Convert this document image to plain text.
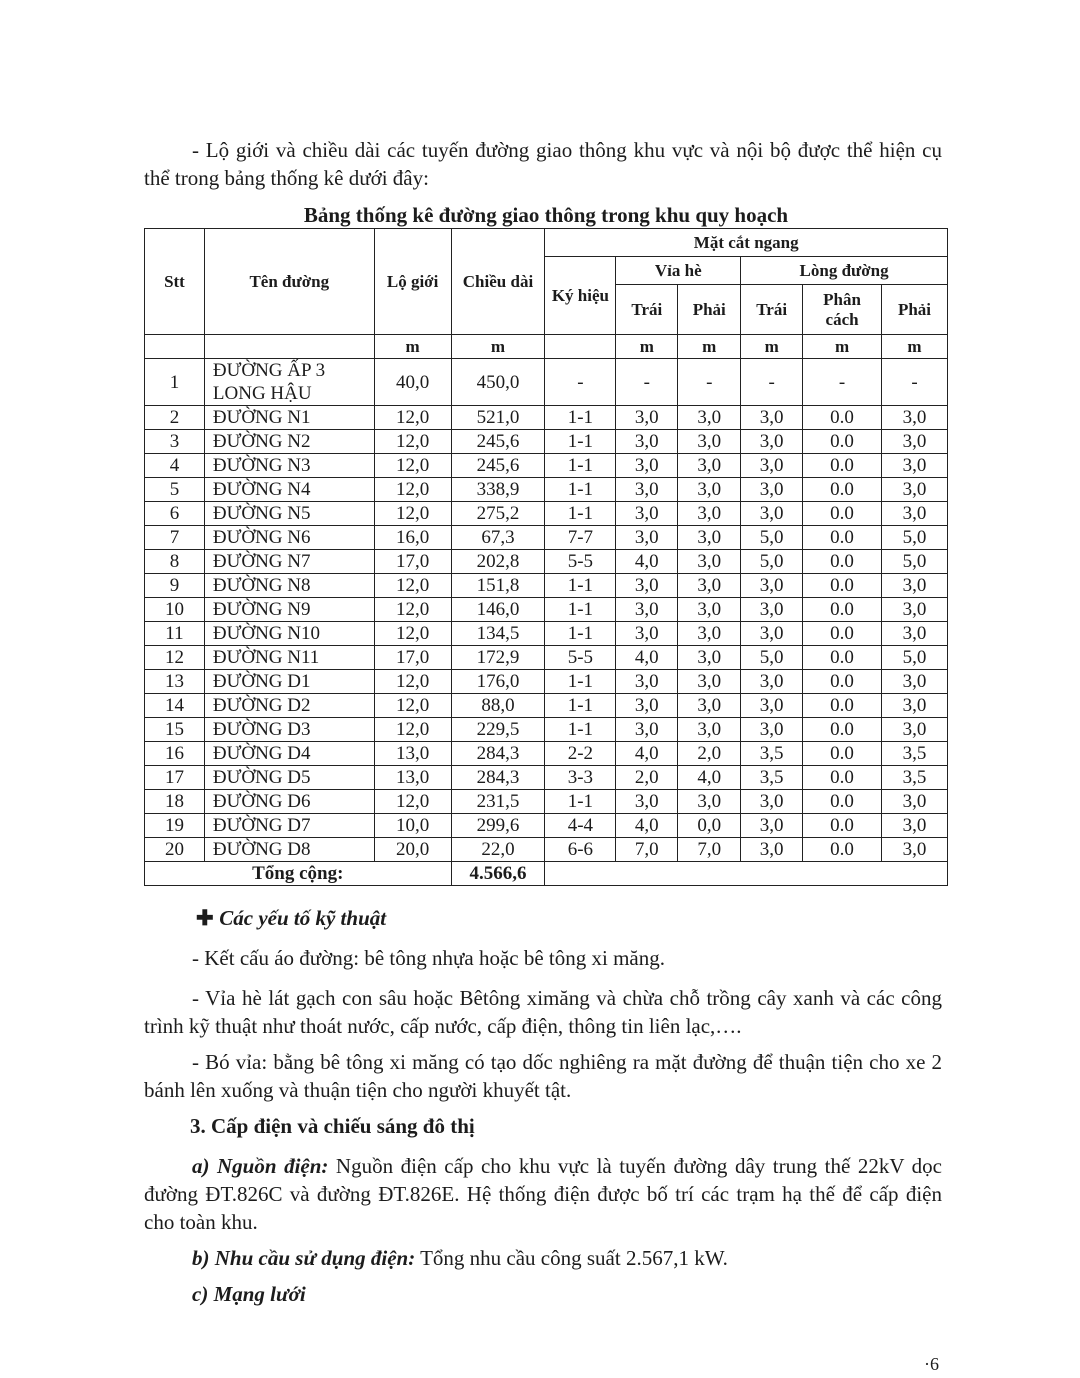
- Lộ giới và chiều dài các tuyến đường giao thông khu vực và nội bộ được thể hiện cụ thể trong bảng thống kê dưới đây:

Bảng thống kê đường giao thông trong khu quy hoạch
Stt	Tên đường	Lộ giới	Chiều dài	Mặt cắt ngang					
				Ký hiệu	Vỉa hè		Lòng đường		
					Trái	Phải	Trái	Phân cách	Phải
		m	m		m	m	m	m	m
1	ĐƯỜNG ẤP 3 LONG HẬU	40,0	450,0	-	-	-	-	-	-
2	ĐƯỜNG N1	12,0	521,0	1-1	3,0	3,0	3,0	0.0	3,0
3	ĐƯỜNG N2	12,0	245,6	1-1	3,0	3,0	3,0	0.0	3,0
4	ĐƯỜNG N3	12,0	245,6	1-1	3,0	3,0	3,0	0.0	3,0
5	ĐƯỜNG N4	12,0	338,9	1-1	3,0	3,0	3,0	0.0	3,0
6	ĐƯỜNG N5	12,0	275,2	1-1	3,0	3,0	3,0	0.0	3,0
7	ĐƯỜNG N6	16,0	67,3	7-7	3,0	3,0	5,0	0.0	5,0
8	ĐƯỜNG N7	17,0	202,8	5-5	4,0	3,0	5,0	0.0	5,0
9	ĐƯỜNG N8	12,0	151,8	1-1	3,0	3,0	3,0	0.0	3,0
10	ĐƯỜNG N9	12,0	146,0	1-1	3,0	3,0	3,0	0.0	3,0
11	ĐƯỜNG N10	12,0	134,5	1-1	3,0	3,0	3,0	0.0	3,0
12	ĐƯỜNG N11	17,0	172,9	5-5	4,0	3,0	5,0	0.0	5,0
13	ĐƯỜNG D1	12,0	176,0	1-1	3,0	3,0	3,0	0.0	3,0
14	ĐƯỜNG D2	12,0	88,0	1-1	3,0	3,0	3,0	0.0	3,0
15	ĐƯỜNG D3	12,0	229,5	1-1	3,0	3,0	3,0	0.0	3,0
16	ĐƯỜNG D4	13,0	284,3	2-2	4,0	2,0	3,5	0.0	3,5
17	ĐƯỜNG D5	13,0	284,3	3-3	2,0	4,0	3,5	0.0	3,5
18	ĐƯỜNG D6	12,0	231,5	1-1	3,0	3,0	3,0	0.0	3,0
19	ĐƯỜNG D7	10,0	299,6	4-4	4,0	0,0	3,0	0.0	3,0
20	ĐƯỜNG D8	20,0	22,0	6-6	7,0	7,0	3,0	0.0	3,0
Tổng cộng:			4.566,6						
✚ Các yếu tố kỹ thuật

- Kết cấu áo đường: bê tông nhựa hoặc bê tông xi măng.

- Vỉa hè lát gạch con sâu hoặc Bêtông ximăng và chừa chỗ trồng cây xanh và các công trình kỹ thuật như thoát nước, cấp nước, cấp điện, thông tin liên lạc,….

- Bó vỉa: bằng bê tông xi măng có tạo dốc nghiêng ra mặt đường để thuận tiện cho xe 2 bánh lên xuống và thuận tiện cho người khuyết tật.

3. Cấp điện và chiếu sáng đô thị

a) Nguồn điện: Nguồn điện cấp cho khu vực là tuyến đường dây trung thế 22kV dọc đường ĐT.826C và đường ĐT.826E. Hệ thống điện được bố trí các trạm hạ thế để cấp điện cho toàn khu.

b) Nhu cầu sử dụng điện: Tổng nhu cầu công suất 2.567,1 kW.

c) Mạng lưới

·6
